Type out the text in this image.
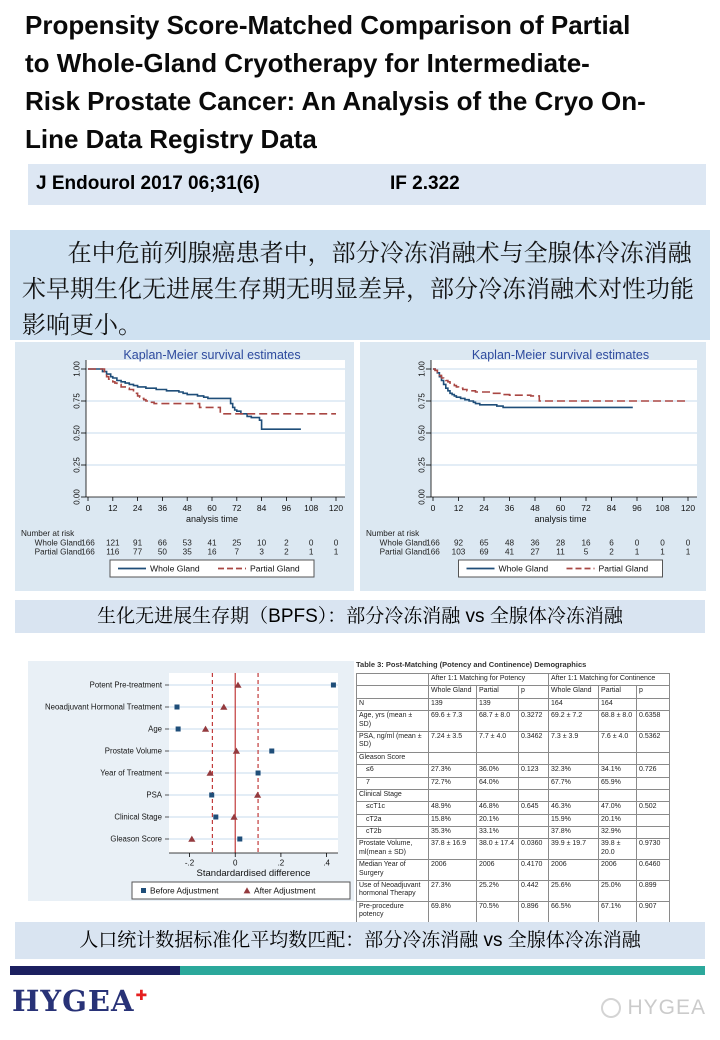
Propensity Score-Matched Comparison of Partial
to Whole-Gland Cryotherapy for Intermediate-
Risk Prostate Cancer: An Analysis of the Cryo On-
Line Data Registry Data
J Endourol 2017 06;31(6)	IF 2.322
在中危前列腺癌患者中，部分冷冻消融术与全腺体冷冻消融术早期生化无进展生存期无明显差异，部分冷冻消融术对性功能影响更小。
Kaplan-Meier survival estimates
0.00
0.25
0.50
0.75
1.00
0 12 24 36 48 60 72 84 96 108 120
analysis time
Number at risk
Whole Gland 166 121 91 66 53 41 25 10 2 0 0
Partial Gland 166 116 77 50 35 16 7 3 2 1 1
Whole Gland	Partial Gland
Kaplan-Meier survival estimates
0.00
0.25
0.50
0.75
1.00
0 12 24 36 48 60 72 84 96 108 120
analysis time
Number at risk
Whole Gland 166 92 65 48 36 28 16 6	0	0	0
Partial Gland 166 103 69 41 27 11 5	2	1	1	1
Whole Gland	Partial Gland
生化无进展生存期（BPFS）：部分冷冻消融 vs 全腺体冷冻消融
Potent Pre-treatment
Neoadjuvant Hormonal Treatment
Age
Prostate Volume
Year of Treatment
PSA
Clinical Stage
Gleason Score
-.2	0	.2	.4
Standardardised difference
Before Adjustment	After Adjustment
Table 3: Post-Matching (Potency and Continence) Demographics
	After 1:1 Matching for Potency			After 1:1 Matching for Continence		
	Whole Gland	Partial	p	Whole Gland	Partial	p
N	139	139		164	164	
Age, yrs (mean ± SD)	69.6 ± 7.3	68.7 ± 8.0	0.3272	69.2 ± 7.2	68.8 ± 8.0	0.6358
PSA, ng/ml (mean ± SD)	7.24 ± 3.5	7.7 ± 4.0	0.3462	7.3 ± 3.9	7.6 ± 4.0	0.5362
Gleason Score						
≤6	27.3%	36.0%	0.123	32.3%	34.1%	0.726
7	72.7%	64.0%		67.7%	65.9%	
Clinical Stage						
≤cT1c	48.9%	46.8%	0.645	46.3%	47.0%	0.502
cT2a	15.8%	20.1%		15.9%	20.1%	
cT2b	35.3%	33.1%		37.8%	32.9%	
Prostate Volume, ml(mean ± SD)	37.8 ± 16.9	38.0 ± 17.4	0.0360	39.9 ± 19.7	39.8 ± 20.0	0.9730
Median Year of Surgery	2006	2006	0.4170	2006	2006	0.6460
Use of Neoadjuvant hormonal Therapy	27.3%	25.2%	0.442	25.6%	25.0%	0.899
Pre-procedure potency	69.8%	70.5%	0.896	66.5%	67.1%	0.907
人口统计数据标准化平均数匹配：部分冷冻消融 vs 全腺体冷冻消融
HYGEA✚	HYGEA
